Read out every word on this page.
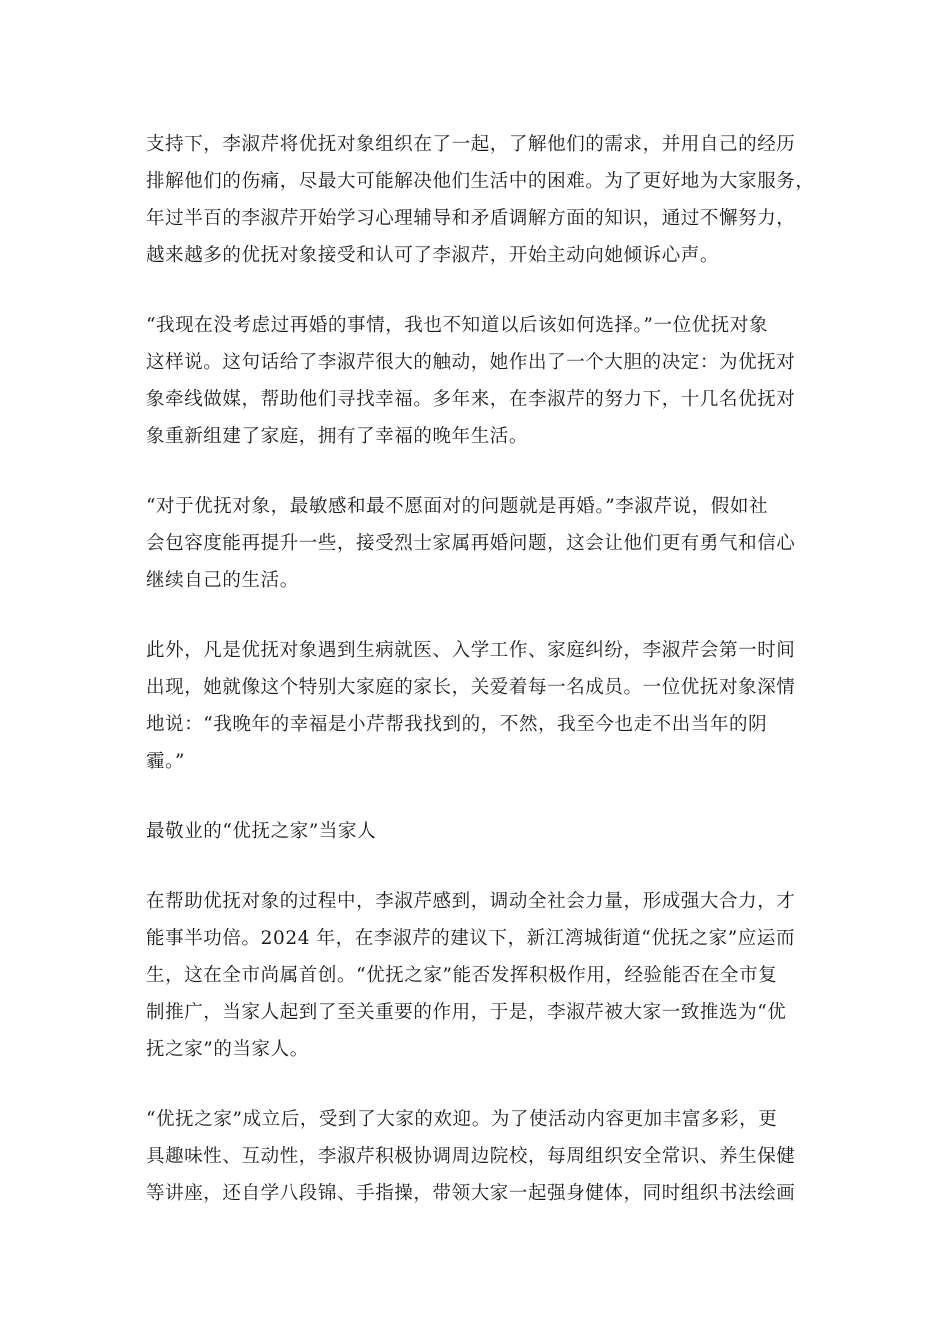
支持下，李淑芹将优抚对象组织在了一起，了解他们的需求，并用自己的经历
排解他们的伤痛，尽最大可能解决他们生活中的困难。为了更好地为大家服务，
年过半百的李淑芹开始学习心理辅导和矛盾调解方面的知识，通过不懈努力，
越来越多的优抚对象接受和认可了李淑芹，开始主动向她倾诉心声。

“我现在没考虑过再婚的事情，我也不知道以后该如何选择。”一位优抚对象
这样说。这句话给了李淑芹很大的触动，她作出了一个大胆的决定：为优抚对
象牵线做媒，帮助他们寻找幸福。多年来，在李淑芹的努力下，十几名优抚对
象重新组建了家庭，拥有了幸福的晚年生活。

“对于优抚对象，最敏感和最不愿面对的问题就是再婚。”李淑芹说，假如社
会包容度能再提升一些，接受烈士家属再婚问题，这会让他们更有勇气和信心
继续自己的生活。

此外，凡是优抚对象遇到生病就医、入学工作、家庭纠纷，李淑芹会第一时间
出现，她就像这个特别大家庭的家长，关爱着每一名成员。一位优抚对象深情
地说：“我晚年的幸福是小芹帮我找到的，不然，我至今也走不出当年的阴
霾。”

最敬业的“优抚之家”当家人

在帮助优抚对象的过程中，李淑芹感到，调动全社会力量，形成强大合力，才
能事半功倍。2024 年，在李淑芹的建议下，新江湾城街道“优抚之家”应运而
生，这在全市尚属首创。“优抚之家”能否发挥积极作用，经验能否在全市复
制推广，当家人起到了至关重要的作用，于是，李淑芹被大家一致推选为“优
抚之家”的当家人。

“优抚之家”成立后，受到了大家的欢迎。为了使活动内容更加丰富多彩，更
具趣味性、互动性，李淑芹积极协调周边院校，每周组织安全常识、养生保健
等讲座，还自学八段锦、手指操，带领大家一起强身健体，同时组织书法绘画
